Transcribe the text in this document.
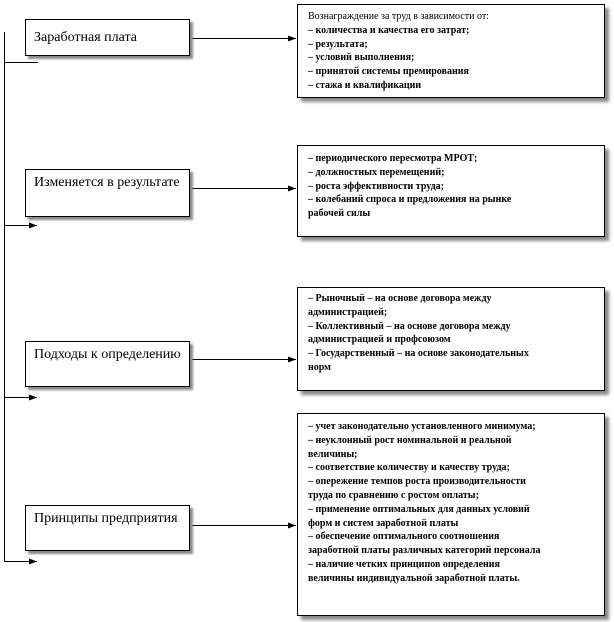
Заработная плата
Изменяется в результате
Подходы к определению
Принципы предприятия
Вознаграждение за труд в зависимости от:
– количества и качества его затрат;
– результата;
– условий выполнения;
– принятой системы премирования
– стажа и квалификации
– периодического пересмотра МРОТ;
– должностных перемещений;
– роста эффективности труда;
– колебаний спроса и предложения на рынке
рабочей силы
– Рыночный – на основе договора между
администрацией;
– Коллективный – на основе договора между
администрацией и профсоюзом
– Государственный – на основе законодательных
норм
– учет законодательно установленного минимума;
– неуклонный рост номинальной и реальной
величины;
– соответствие количеству и качеству труда;
– опережение темпов роста производительности
труда по сравнению с ростом оплаты;
– применение оптимальных для данных условий
форм и систем заработной платы
– обеспечение оптимального соотношения
заработной платы различных категорий персонала
– наличие четких принципов определения
величины индивидуальной заработной платы.
